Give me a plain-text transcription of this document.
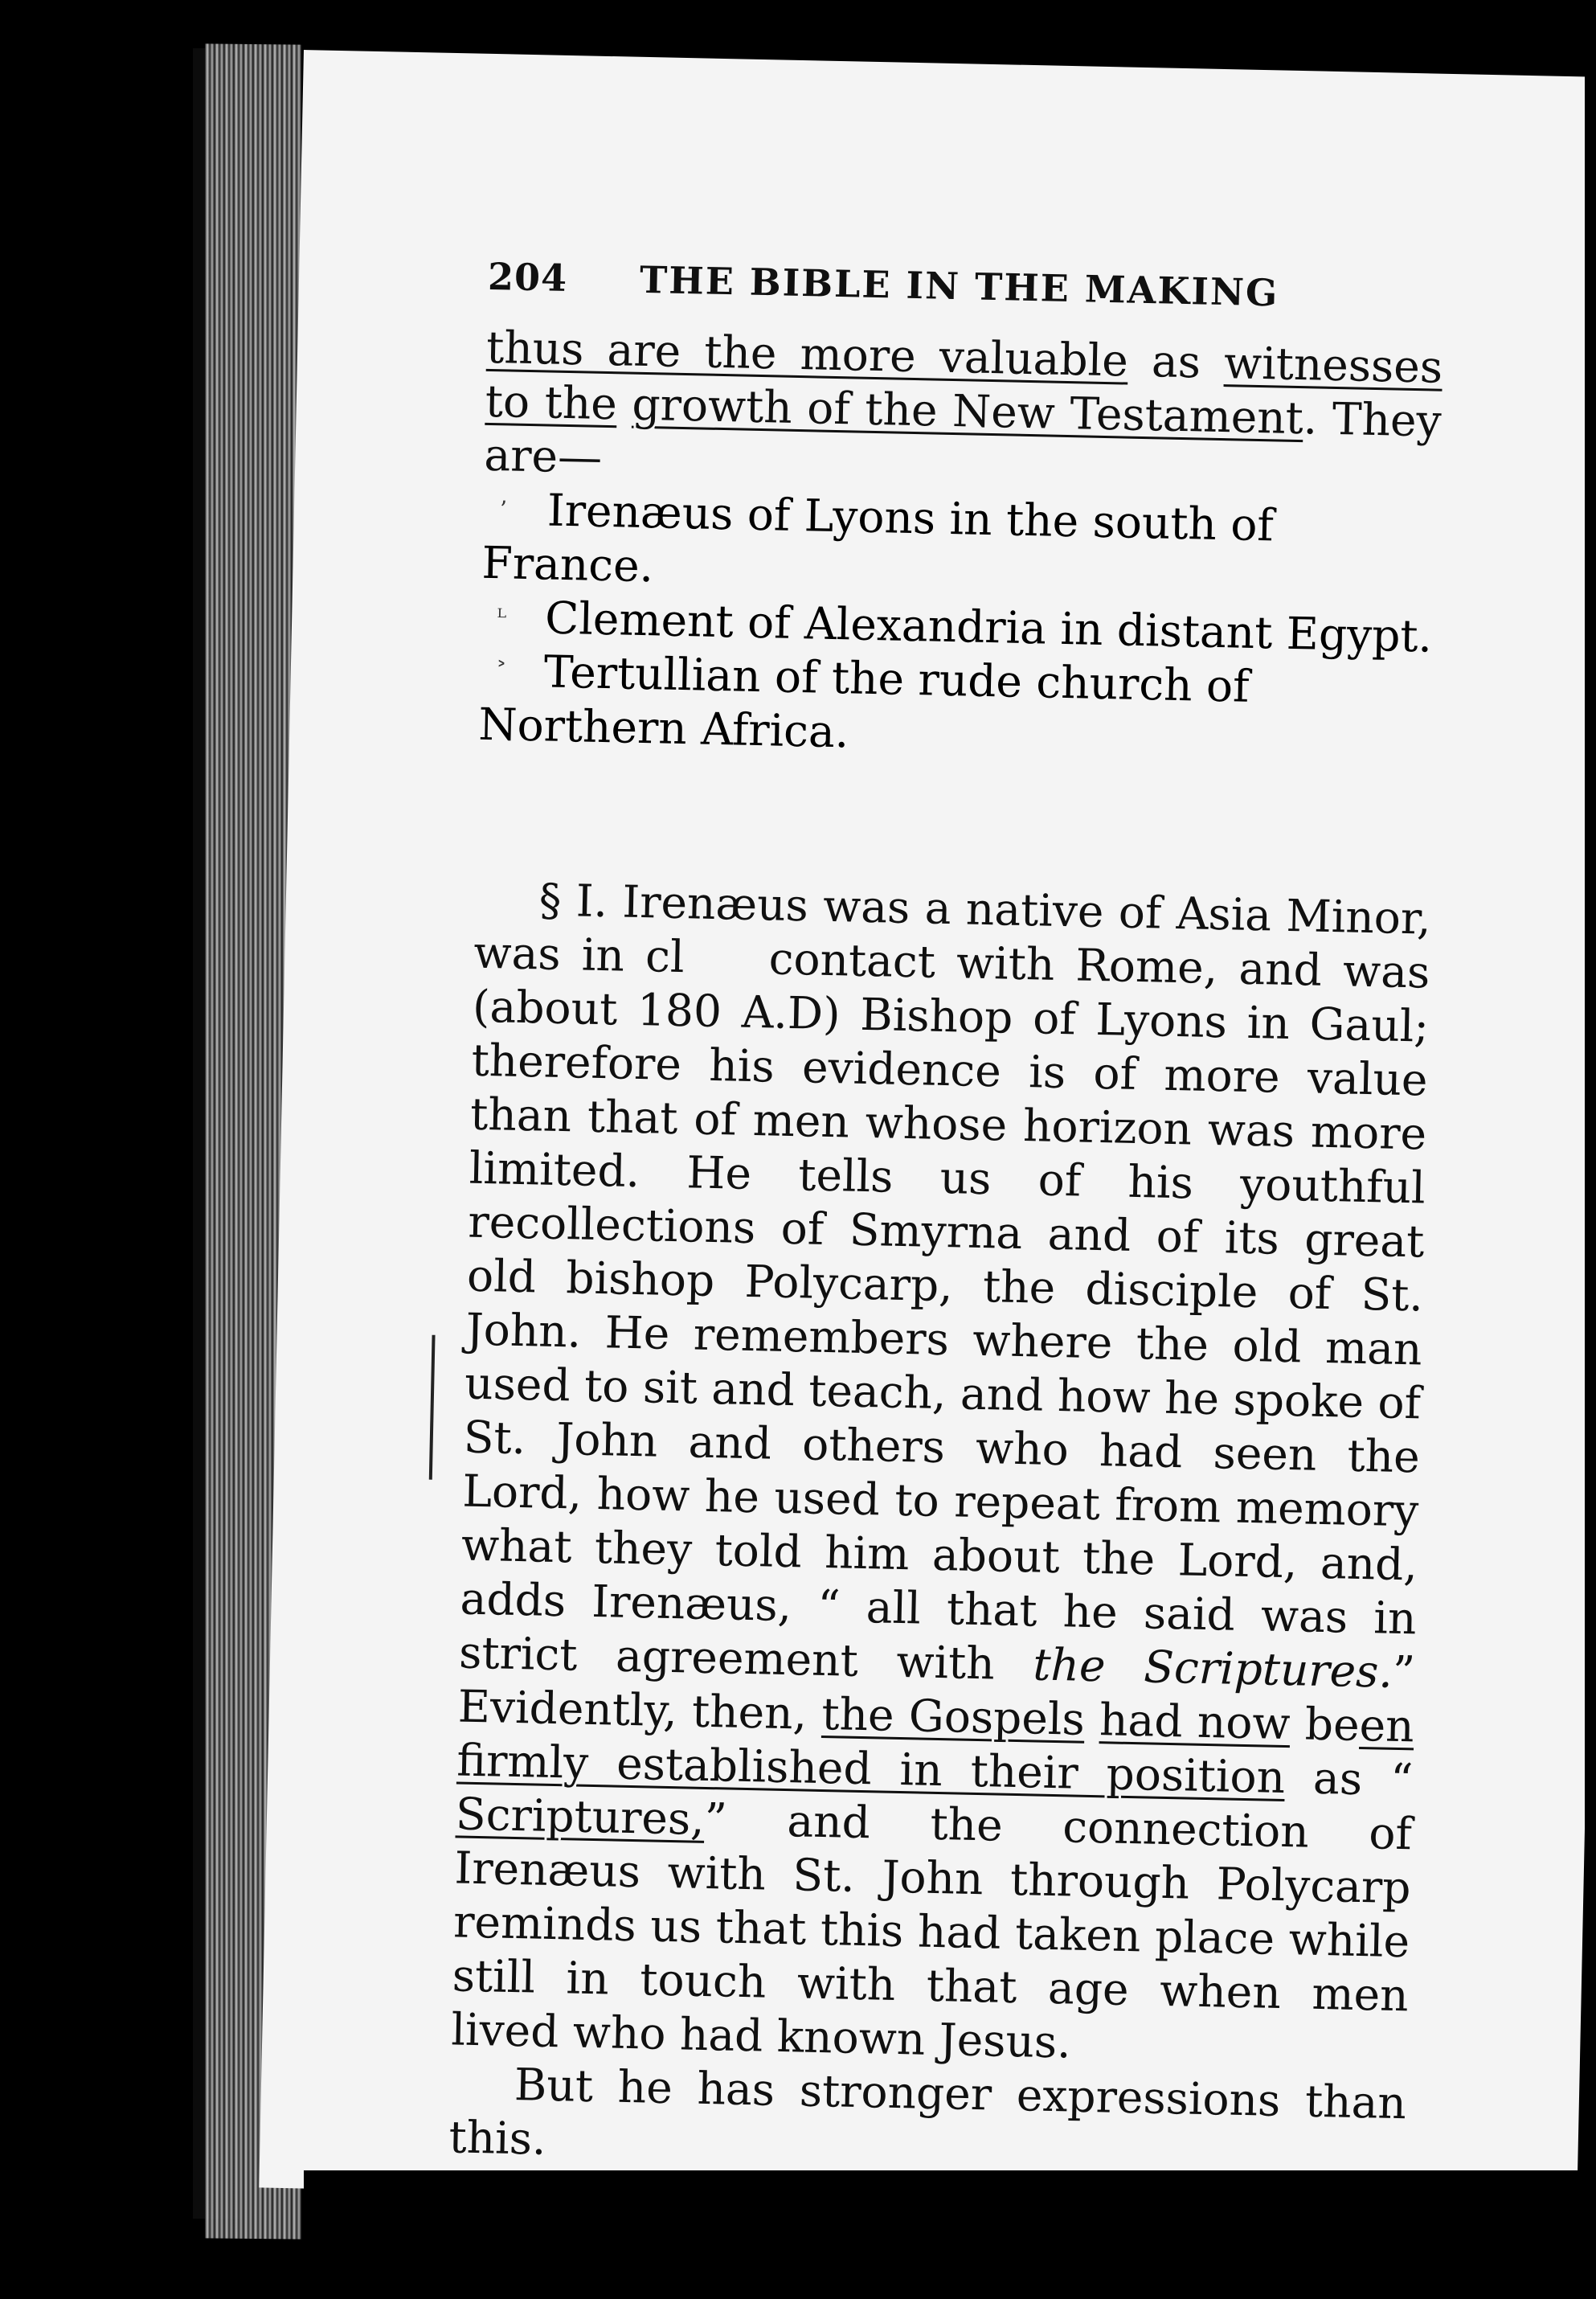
204 THE BIBLE IN THE MAKING

thus are the more valuable as witnesses to the growth of the New Testament. They are—

ʼ Irenæus of Lyons in the south of France.
ᴸ Clement of Alexandria in distant Egypt.
˃ Tertullian of the rude church of Northern Africa.

§ I. Irenæus was a native of Asia Minor, was in cl    contact with Rome, and was (about 180 A.D) Bishop of Lyons in Gaul; therefore his evidence is of more value than that of men whose horizon was more limited. He tells us of his youthful recollections of Smyrna and of its great old bishop Polycarp, the disciple of St. John. He remembers where the old man used to sit and teach, and how he spoke of St. John and others who had seen the Lord, how he used to repeat from memory what they told him about the Lord, and, adds Irenæus, “ all that he said was in strict agreement with the Scriptures.” Evidently, then, the Gospels had now been firmly established in their position as “ Scriptures,” and the connection of Irenæus with St. John through Polycarp reminds us that this had taken place while still in touch with that age when men lived who had known Jesus.

But he has stronger expressions than this.
